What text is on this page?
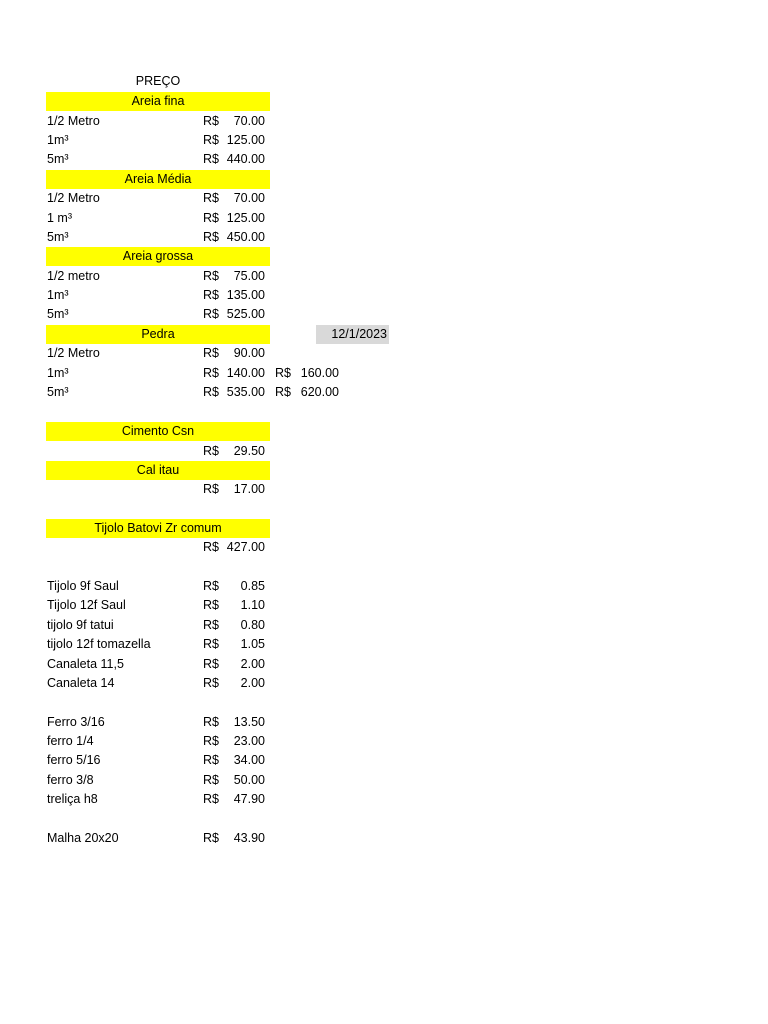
PREÇO
Areia fina
1/2 Metro	R$	70.00
1m³	R$ 125.00
5m³	R$ 440.00
Areia Média
1/2 Metro	R$	70.00
1 m³	R$ 125.00
5m³	R$ 450.00
Areia grossa
1/2 metro	R$	75.00
1m³	R$ 135.00
5m³	R$ 525.00
Pedra	12/1/2023
1/2 Metro	R$	90.00
1m³	R$ 140.00 R$ 160.00
5m³	R$ 535.00 R$ 620.00
Cimento Csn
R$	29.50
Cal itau
R$	17.00
Tijolo Batovi Zr comum
R$ 427.00
Tijolo 9f Saul	R$	0.85
Tijolo 12f Saul	R$	1.10
tijolo 9f tatui	R$	0.80
tijolo 12f tomazella	R$	1.05
Canaleta 11,5	R$	2.00
Canaleta 14	R$	2.00
Ferro 3/16	R$	13.50
ferro 1/4	R$	23.00
ferro 5/16	R$	34.00
ferro 3/8	R$	50.00
treliça h8	R$	47.90
Malha 20x20	R$	43.90
